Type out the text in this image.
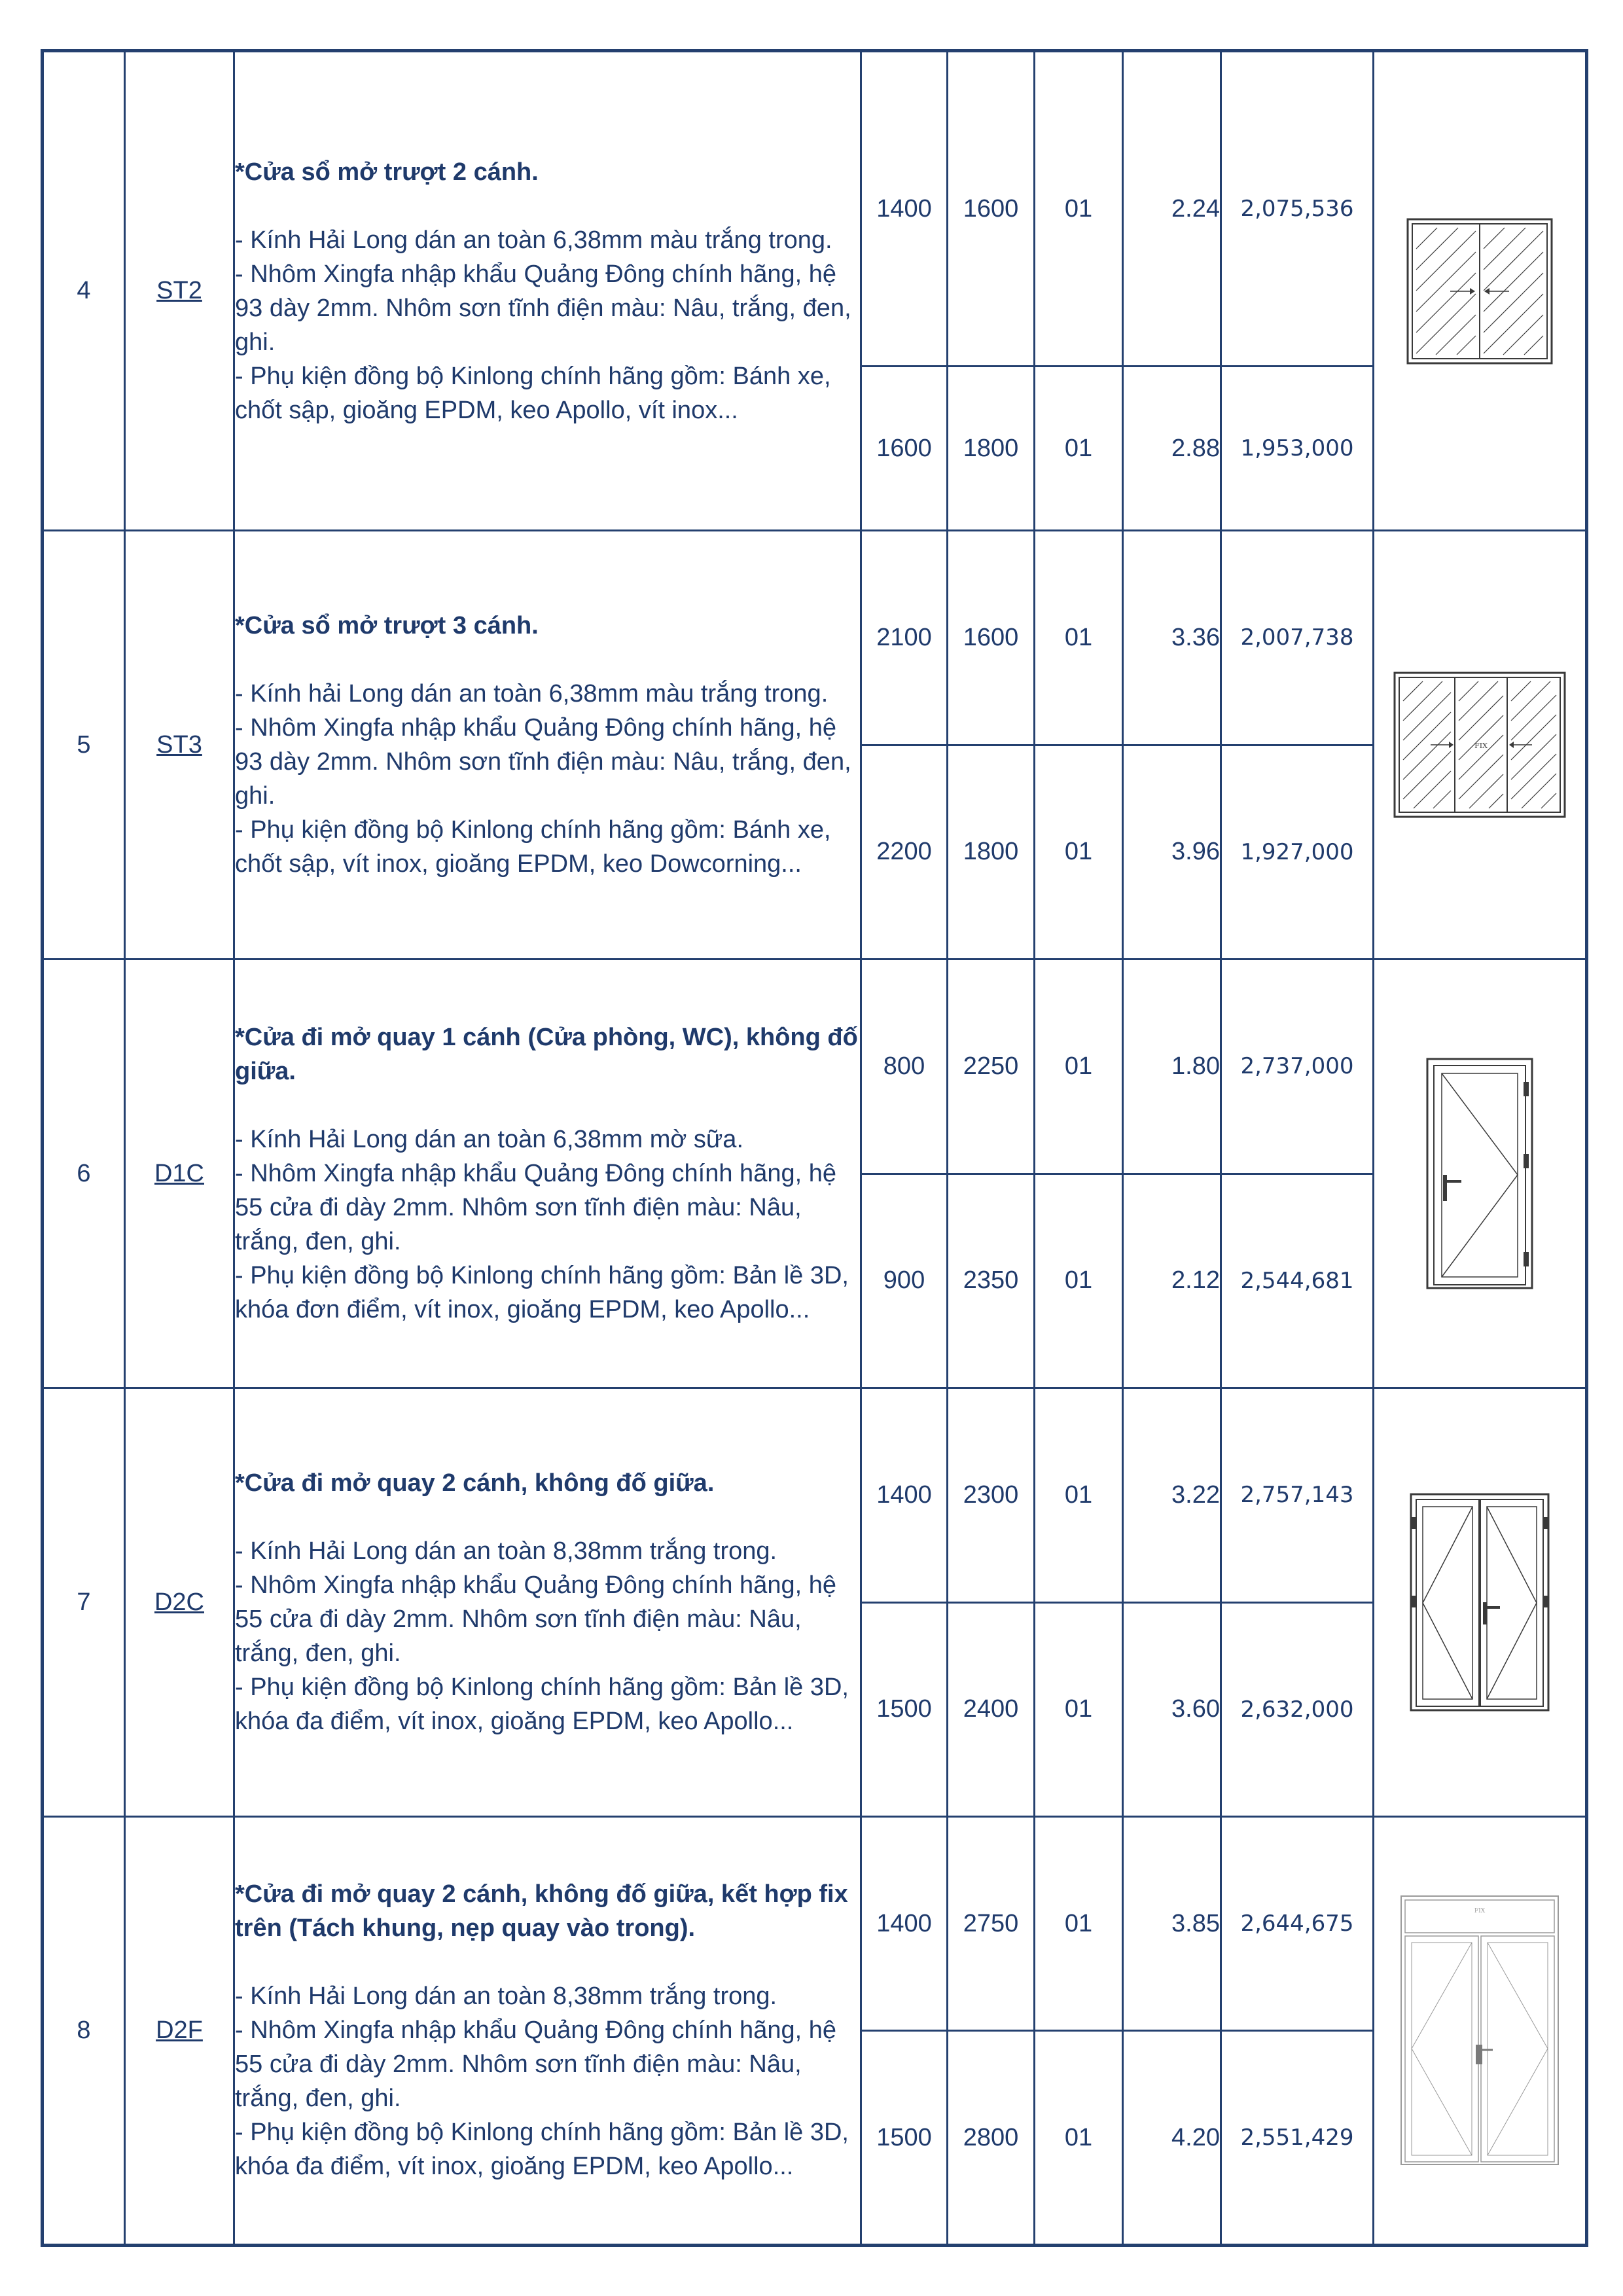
4	ST2	*Cửa sổ mở trượt 2 cánh.
- Kính Hải Long dán an toàn 6,38mm màu trắng trong.
- Nhôm Xingfa nhập khẩu Quảng Đông chính hãng, hệ 93 dày 2mm. Nhôm sơn tĩnh điện màu: Nâu, trắng, đen, ghi.
- Phụ kiện đồng bộ Kinlong chính hãng gồm: Bánh xe, chốt sập, gioăng EPDM, keo Apollo, vít inox...	1400	1600	01	2.24	2,075,536	

			1600	1800	01	2.88	1,953,000	
5	ST3	*Cửa sổ mở trượt 3 cánh.
- Kính hải Long dán an toàn 6,38mm màu trắng trong.
- Nhôm Xingfa nhập khẩu Quảng Đông chính hãng, hệ 93 dày 2mm. Nhôm sơn tĩnh điện màu: Nâu, trắng, đen, ghi.
- Phụ kiện đồng bộ Kinlong chính hãng gồm: Bánh xe, chốt sập, vít inox, gioăng EPDM, keo Dowcorning...	2100	1600	01	3.36	2,007,738	FIX

			2200	1800	01	3.96	1,927,000	
6	D1C	*Cửa đi mở quay 1 cánh (Cửa phòng, WC), không đố giữa.
- Kính Hải Long dán an toàn 6,38mm mờ sữa.
- Nhôm Xingfa nhập khẩu Quảng Đông chính hãng, hệ 55 cửa đi dày 2mm. Nhôm sơn tĩnh điện màu: Nâu, trắng, đen, ghi.
- Phụ kiện đồng bộ Kinlong chính hãng gồm: Bản lề 3D, khóa đơn điểm, vít inox, gioăng EPDM, keo Apollo...	800	2250	01	1.80	2,737,000	

			900	2350	01	2.12	2,544,681	
7	D2C	*Cửa đi mở quay 2 cánh, không đố giữa.
- Kính Hải Long dán an toàn 8,38mm trắng trong.
- Nhôm Xingfa nhập khẩu Quảng Đông chính hãng, hệ 55 cửa đi dày 2mm. Nhôm sơn tĩnh điện màu: Nâu, trắng, đen, ghi.
- Phụ kiện đồng bộ Kinlong chính hãng gồm: Bản lề 3D, khóa đa điểm, vít inox, gioăng EPDM, keo Apollo...	1400	2300	01	3.22	2,757,143	

			1500	2400	01	3.60	2,632,000	
8	D2F	*Cửa đi mở quay 2 cánh, không đố giữa, kết hợp fix trên (Tách khung, nẹp quay vào trong).
- Kính Hải Long dán an toàn 8,38mm trắng trong.
- Nhôm Xingfa nhập khẩu Quảng Đông chính hãng, hệ 55 cửa đi dày 2mm. Nhôm sơn tĩnh điện màu: Nâu, trắng, đen, ghi.
- Phụ kiện đồng bộ Kinlong chính hãng gồm: Bản lề 3D, khóa đa điểm, vít inox, gioăng EPDM, keo Apollo...	1400	2750	01	3.85	2,644,675	FIX

			1500	2800	01	4.20	2,551,429	
